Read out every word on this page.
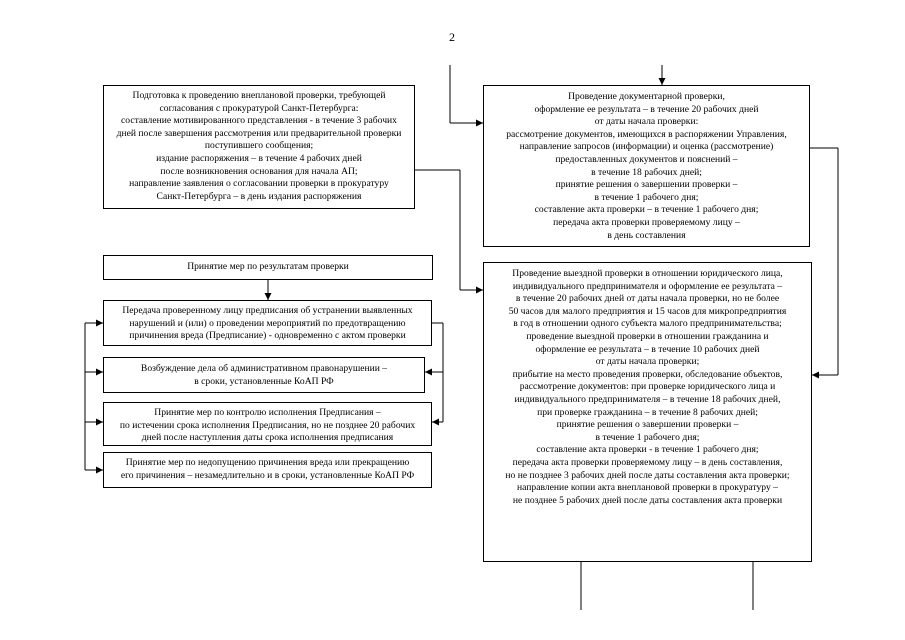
2
Подготовка к проведению внеплановой проверки, требующей
согласования с прокуратурой Санкт-Петербурга:
составление мотивированного представления - в течение 3 рабочих
дней после завершения рассмотрения или предварительной проверки
поступившего сообщения;
издание распоряжения – в течение 4 рабочих дней
после возникновения основания для начала АП;
направление заявления о согласовании проверки в прокуратуру
Санкт-Петербурга – в день издания распоряжения
Проведение документарной проверки,
оформление ее результата – в течение 20 рабочих дней
от даты начала проверки:
рассмотрение документов, имеющихся в распоряжении Управления,
направление запросов (информации) и оценка (рассмотрение)
предоставленных документов и пояснений –
в течение 18 рабочих дней;
принятие решения о завершении проверки –
в течение 1 рабочего дня;
составление акта проверки – в течение 1 рабочего дня;
передача акта проверки проверяемому лицу –
в день составления
Принятие мер по результатам проверки
Передача проверенному лицу предписания об устранении выявленных
нарушений и (или) о проведении мероприятий по предотвращению
причинения вреда (Предписание) - одновременно с актом проверки
Возбуждение дела об административном правонарушении –
в сроки, установленные КоАП РФ
Принятие мер по контролю исполнения Предписания –
по истечении срока исполнения Предписания, но не позднее 20 рабочих
дней после наступления даты срока исполнения предписания
Принятие мер по недопущению причинения вреда или прекращению
его причинения – незамедлительно и в сроки, установленные КоАП РФ
Проведение выездной проверки в отношении юридического лица,
индивидуального предпринимателя и оформление ее результата –
в течение 20 рабочих дней от даты начала проверки, но не более
50 часов для малого предприятия и 15 часов для микропредприятия
в год в отношении одного субъекта малого предпринимательства;
проведение выездной проверки в отношении гражданина и
оформление ее результата – в течение 10 рабочих дней
от даты начала проверки;
прибытие на место проведения проверки, обследование объектов,
рассмотрение документов: при проверке юридического лица и
индивидуального предпринимателя – в течение 18 рабочих дней,
при проверке гражданина – в течение 8 рабочих дней;
принятие решения о завершении проверки –
в течение 1 рабочего дня;
составление акта проверки - в течение 1 рабочего дня;
передача акта проверки проверяемому лицу – в день составления,
но не позднее 3 рабочих дней после даты составления акта проверки;
направление копии акта внеплановой проверки в прокуратуру –
не позднее 5 рабочих дней после даты составления акта проверки
